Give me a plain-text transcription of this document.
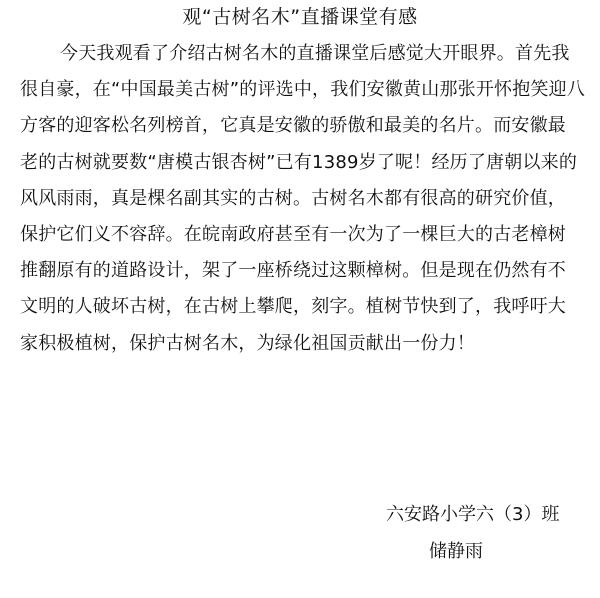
观“古树名木”直播课堂有感
今天我观看了介绍古树名木的直播课堂后感觉大开眼界。首先我
很自豪，在“中国最美古树”的评选中，我们安徽黄山那张开怀抱笑迎八
方客的迎客松名列榜首，它真是安徽的骄傲和最美的名片。而安徽最
老的古树就要数“唐模古银杏树”已有1389岁了呢！经历了唐朝以来的
风风雨雨，真是棵名副其实的古树。古树名木都有很高的研究价值，
保护它们义不容辞。在皖南政府甚至有一次为了一棵巨大的古老樟树
推翻原有的道路设计，架了一座桥绕过这颗樟树。但是现在仍然有不
文明的人破坏古树，在古树上攀爬，刻字。植树节快到了，我呼吁大
家积极植树，保护古树名木，为绿化祖国贡献出一份力！
六安路小学六（3）班
储静雨
